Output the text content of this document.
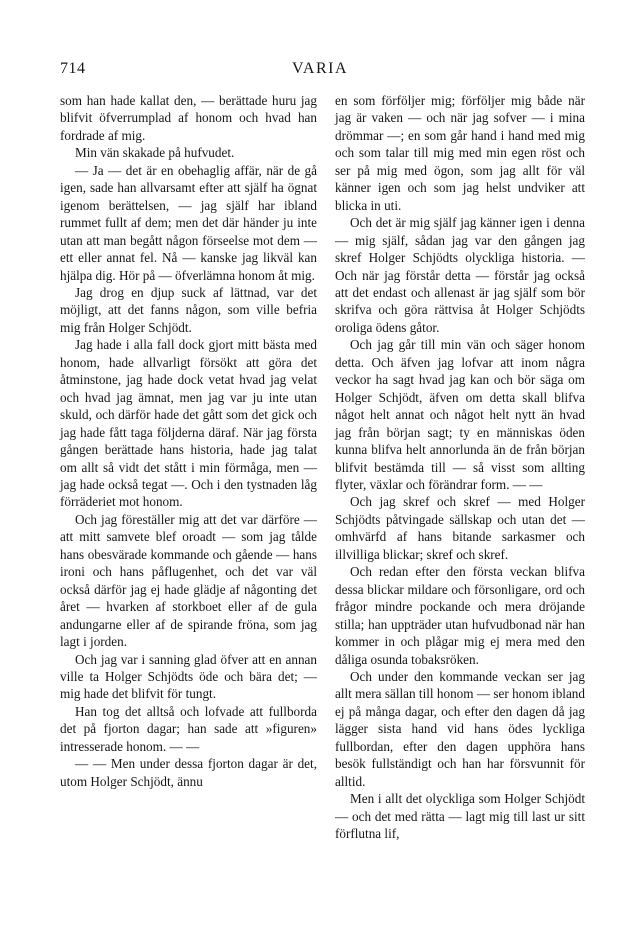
714	VARIA

som han hade kallat den, — berättade huru jag blifvit öfverrumplad af honom och hvad han fordrade af mig.

Min vän skakade på hufvudet.

— Ja — det är en obehaglig affär, när de gå igen, sade han allvarsamt efter att själf ha ögnat igenom berättelsen, — jag själf har ibland rummet fullt af dem; men det där händer ju inte utan att man begått någon förseelse mot dem — ett eller annat fel. Nå — kanske jag likväl kan hjälpa dig. Hör på — öfverlämna honom åt mig.

Jag drog en djup suck af lättnad, var det möjligt, att det fanns någon, som ville befria mig från Holger Schjödt.

Jag hade i alla fall dock gjort mitt bästa med honom, hade allvarligt försökt att göra det åtminstone, jag hade dock vetat hvad jag velat och hvad jag ämnat, men jag var ju inte utan skuld, och därför hade det gått som det gick och jag hade fått taga följderna däraf. När jag första gången berättade hans historia, hade jag talat om allt så vidt det stått i min förmåga, men — jag hade också tegat —. Och i den tystnaden låg förräderiet mot honom.

Och jag föreställer mig att det var därföre — att mitt samvete blef oroadt — som jag tålde hans obesvärade kommande och gående — hans ironi och hans påflugenhet, och det var väl också därför jag ej hade glädje af någonting det året — hvarken af storkboet eller af de gula andungarne eller af de spirande fröna, som jag lagt i jorden.

Och jag var i sanning glad öfver att en annan ville ta Holger Schjödts öde och bära det; — mig hade det blifvit för tungt.

Han tog det alltså och lofvade att fullborda det på fjorton dagar; han sade att »figuren» intresserade honom. — —

— — Men under dessa fjorton dagar är det, utom Holger Schjödt, ännu

en som förföljer mig; förföljer mig både när jag är vaken — och när jag sofver — i mina drömmar —; en som går hand i hand med mig och som talar till mig med min egen röst och ser på mig med ögon, som jag allt för väl känner igen och som jag helst undviker att blicka in uti.

Och det är mig själf jag känner igen i denna — mig själf, sådan jag var den gången jag skref Holger Schjödts olyckliga historia. — Och när jag förstår detta — förstår jag också att det endast och allenast är jag själf som bör skrifva och göra rättvisa åt Holger Schjödts oroliga ödens gåtor.

Och jag går till min vän och säger honom detta. Och äfven jag lofvar att inom några veckor ha sagt hvad jag kan och bör säga om Holger Schjödt, äfven om detta skall blifva något helt annat och något helt nytt än hvad jag från början sagt; ty en människas öden kunna blifva helt annorlunda än de från början blifvit bestämda till — så visst som allting flyter, växlar och förändrar form. — —

Och jag skref och skref — med Holger Schjödts påtvingade sällskap och utan det — omhvärfd af hans bitande sarkasmer och illvilliga blickar; skref och skref.

Och redan efter den första veckan blifva dessa blickar mildare och försonligare, ord och frågor mindre pockande och mera dröjande stilla; han uppträder utan hufvudbonad när han kommer in och plågar mig ej mera med den dåliga osunda tobaksröken.

Och under den kommande veckan ser jag allt mera sällan till honom — ser honom ibland ej på många dagar, och efter den dagen då jag lägger sista hand vid hans ödes lyckliga fullbordan, efter den dagen upphöra hans besök fullständigt och han har försvunnit för alltid.

Men i allt det olyckliga som Holger Schjödt — och det med rätta — lagt mig till last ur sitt förflutna lif,
